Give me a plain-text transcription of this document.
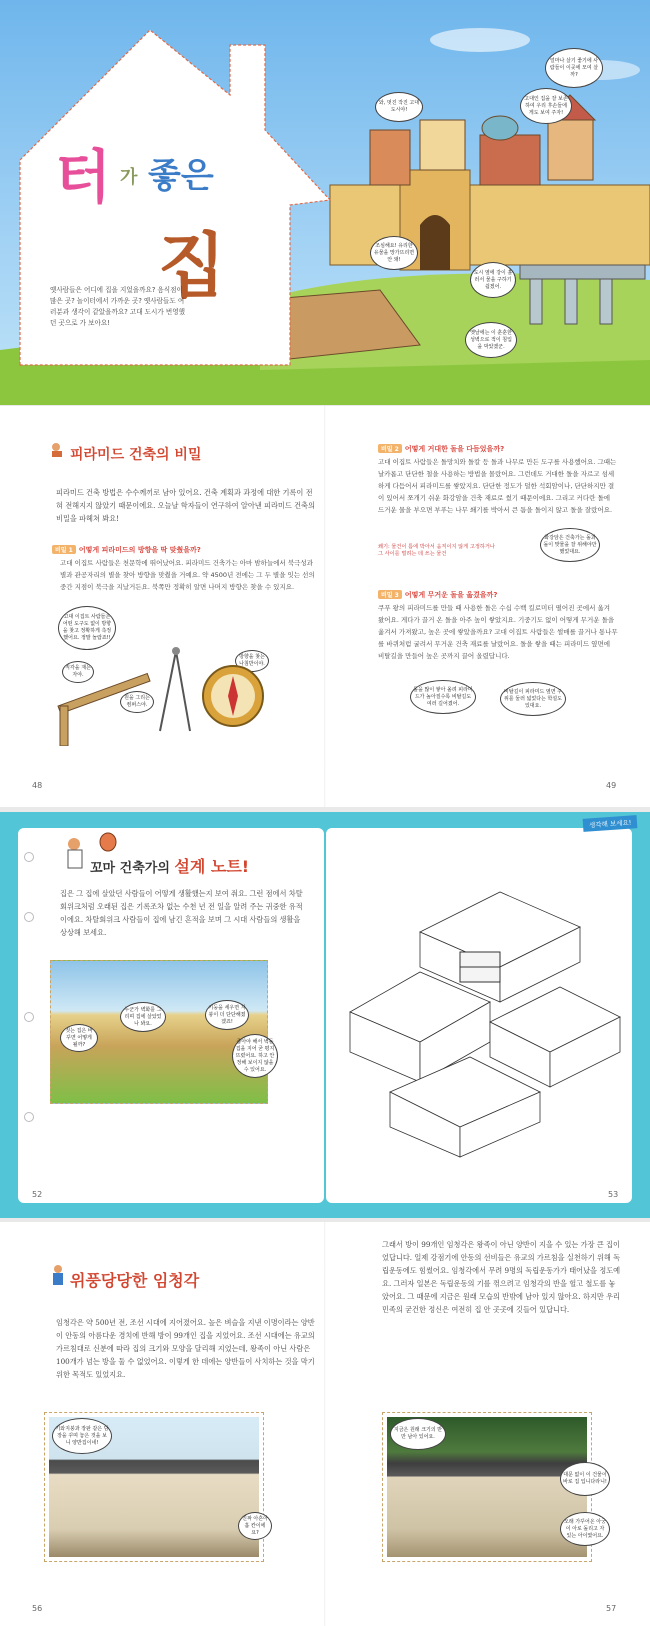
터 가 좋은
집
옛사람들은 어디에 집을 지었을까요? 음식점이 많은 곳? 놀이터에서 가까운 곳? 옛사람들도 여러분과 생각이 같았을까요? 고대 도시가 번영했던 곳으로 가 보아요!
얼마나 살기 좋기에 사람들이 이곳에 모여 살까?
고대인 집을 잘 보존하여 우리 후손들에게도 보여 주자!
와, 멋진 작진 고대 도시야!
조심해요! 유리한 유물을 망가뜨리면 안 돼!
도시 옆에 강이 흘러서 물을 구하기 쉽겠어.
옛날에는 이 훈훈한 성벽으로 적이 침입을 막았겠군.
피라미드 건축의 비밀
피라미드 건축 방법은 수수께끼로 남아 있어요. 건축 계획과 과정에 대한 기록이 전혀 전해지지 않았기 때문이에요. 오늘날 학자들이 연구하여 알아낸 피라미드 건축의 비밀을 파헤쳐 봐요!
비밀 1 어떻게 피라미드의 방향을 딱 맞췄을까?
고대 이집트 사람들은 천문학에 뛰어났어요. 피라미드 건축가는 아마 밤하늘에서 북극성과 별과 관공자리의 별을 찾아 방향을 맞췄을 거예요. 약 4500년 전에는 그 두 별을 잇는 선의 중간 지점이 북극을 지났거든요. 북쪽만 정확히 알면 나머지 방향은 찾을 수 있지요.
고대 이집트 사람들은 어떤 도구도 없이 방향을 찾고 정확하게 측정했어요. 정말 놀랍죠!!
직각을 재는 자야.
원을 그리는 컴퍼스야.
방향을 찾는 나침반이야.
48
비밀 2 어떻게 거대한 돌을 다듬었을까?
고대 이집트 사람들은 돌망치와 돌칼 등 돌과 나무로 만든 도구를 사용했어요. 그때는 날카롭고 단단한 철을 사용하는 방법을 몰랐어요. 그런데도 거대한 돌을 자르고 섬세하게 다듬어서 피라미드를 쌓았지요. 단단한 정도가 덜한 석회암이나, 단단하지만 결이 있어서 쪼개기 쉬운 화강암을 건축 재료로 썼기 때문이에요. 그리고 커다란 돌에 드거운 물을 부으면 부푸는 나무 쐐기를 박아서 큰 틈을 돌이지 않고 돌을 잘랐어요.
쐐기: 물건이 틈에 박아서 움직이지 않게 고정하거나 그 사이를 벌려는 데 쓰는 물건
화강암은 건축가는 돌과 돌이 맞물을 잘 위해야만 했었대요.
비밀 3 어떻게 무거운 돌을 옮겼을까?
쿠푸 왕의 피라미드를 만들 때 사용한 돌은 수십 수백 킬로미터 떨어진 곳에서 옮겨 왔어요. 게다가 끌거 온 돌을 아주 높이 쌓았지요. 기중기도 없이 어떻게 무거운 돌을 옮겨서 가져왔고, 높은 곳에 쌓았을까요? 고대 이집트 사람들은 썰매를 끌거나 통나무를 바퀴처럼 굴려서 무거운 건축 재료를 날랐어요. 돌을 쌓을 때는 피라미드 옆면에 비탈길을 만들어 높은 곳까지 끌어 올렸답니다.
돌을 많이 쌓아 올려 피라미드가 높아질수록 비탈길도 여러 길어졌어.
비탈길이 피라미드 옆면 주 위를 둘러 넓었다는 학설도 있대요.
49
생각해 보세요!
꼬마 건축가의 설계 노트!
집은 그 집에 살았던 사람들이 어떻게 생활했는지 보여 줘요. 그런 점에서 차탈회위크처럼 오래된 집은 기록조차 없는 수천 년 전 일을 알려 주는 귀중한 유적이에요. 차탈회위크 사람들이 집에 남긴 흔적을 보며 그 시대 사람들의 생활을 상상해 보세요.
누군가 벽화를 그리며 집에 살았었나 봐요.
기둥을 세우면 지붕이 더 단단해졌겠죠!
짓는 집은 바꾸면 어떻게 될까?	좁아야 해서 벽돌집을 지어 굳 평지 뜨렸어요. 하고 안정해 보이지 않을 수 있어요.
52	53
위풍당당한 임청각
임청각은 약 500년 전, 조선 시대에 지어졌어요. 높은 벼슬을 지낸 이명이라는 양반이 안동의 아름다운 경치에 반해 방이 99개인 집을 지었어요. 조선 시대에는 유교의 가르침대로 신분에 따라 집의 크기와 모양을 달리해 지었는데, 왕족이 아닌 사람은 100개가 넘는 방을 둘 수 없었어요. 이렇게 한 데에는 양반들이 사치하는 것을 막기 위한 목적도 있었지요.
그래서 방이 99개인 임청각은 왕족이 아닌 양반이 지을 수 있는 가장 큰 집이었답니다. 일제 강점기에 안동의 선비들은 유교의 가르침을 실천하기 위해 독립운동에도 힘썼어요. 임청각에서 무려 9명의 독립운동가가 태어났을 정도예요. 그러자 일본은 독립운동의 기를 꺾으려고 임청각의 반을 헐고 철도를 놓았어요. 그 때문에 지금은 원래 모습의 반밖에 남아 있지 않아요. 하지만 우리 민족의 굳건한 정신은 여전히 집 안 곳곳에 깃들어 있답니다.
기와지붕과 장판 같은 담장을 꾸며 놓은 것을 보니 양반집이네!
진짜 아흔아홉 칸이에요?
지금은 원래 크기의 반만 남아 있어요.
대문 없이 이 건물이 바로 집 입니다라니!
오래 가꾸어온 아궁이 아로 돌리고 자 있는 아이였어요.
56	57
